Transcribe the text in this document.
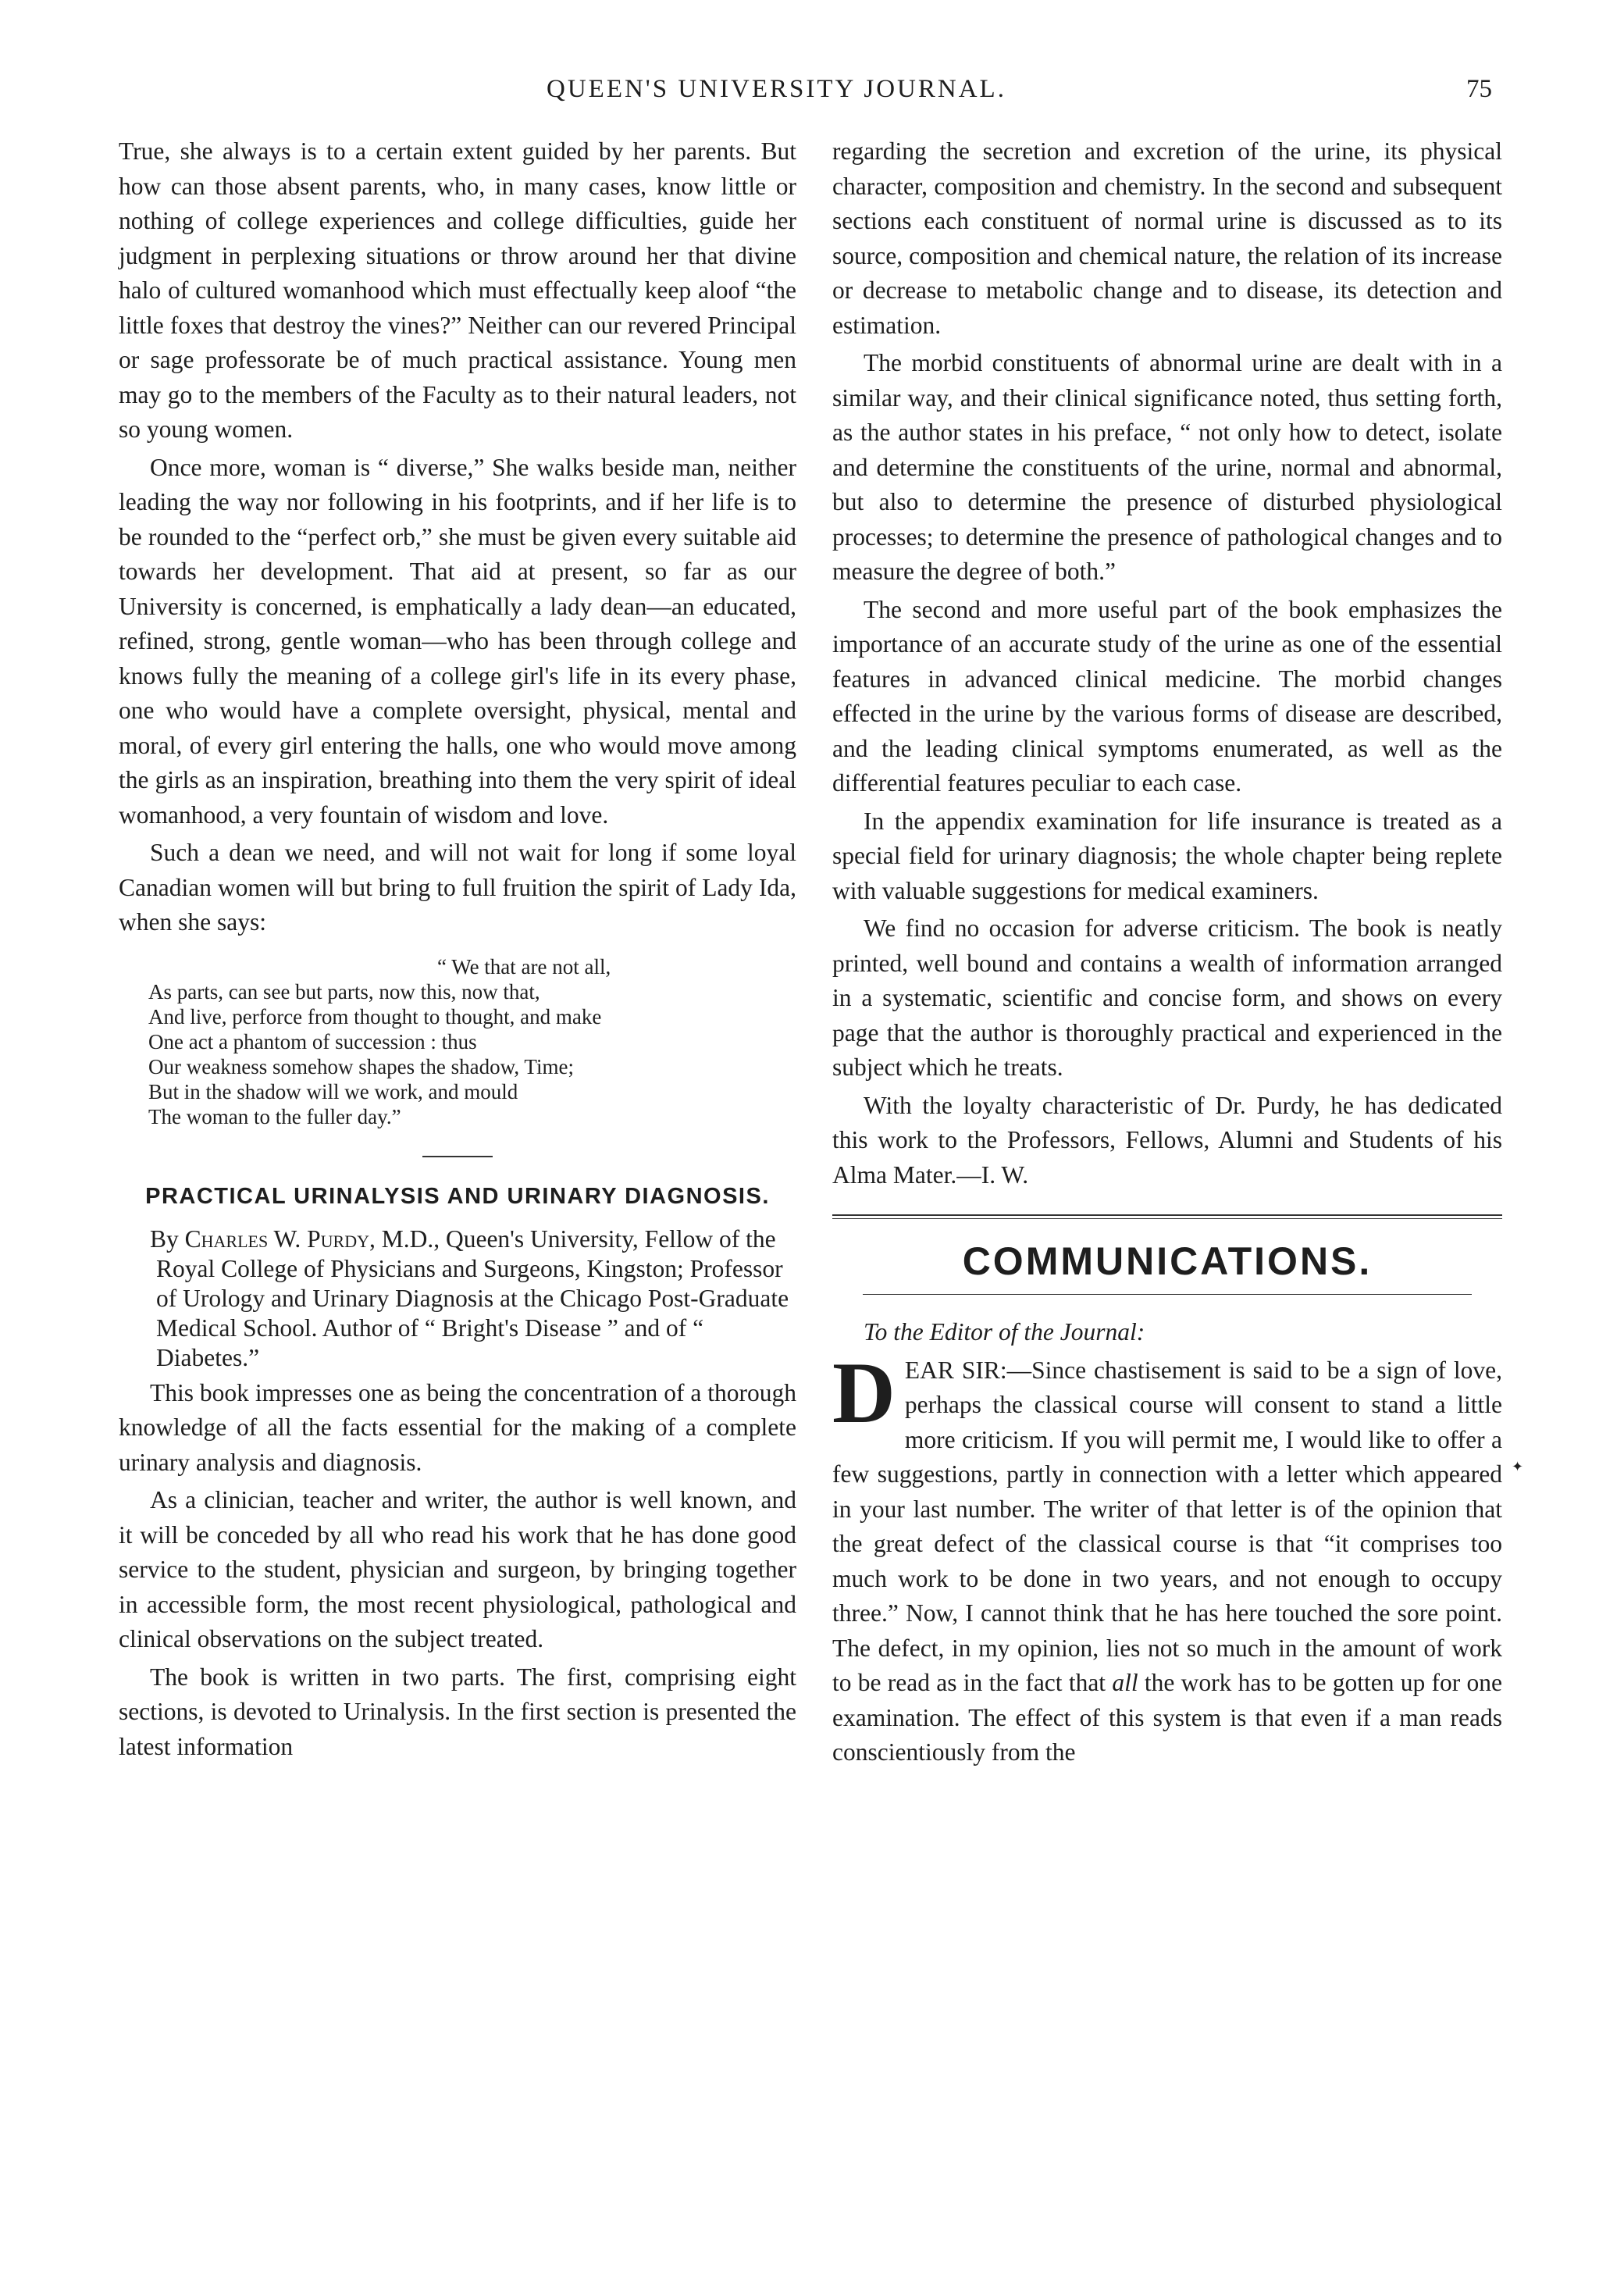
QUEEN'S UNIVERSITY JOURNAL.	75

True, she always is to a certain extent guided by her parents. But how can those absent parents, who, in many cases, know little or nothing of college experiences and college difficulties, guide her judgment in perplexing situations or throw around her that divine halo of cultured womanhood which must effectually keep aloof “the little foxes that destroy the vines?” Neither can our revered Principal or sage professorate be of much practical assistance. Young men may go to the members of the Faculty as to their natural leaders, not so young women.

Once more, woman is “ diverse,” She walks beside man, neither leading the way nor following in his footprints, and if her life is to be rounded to the “perfect orb,” she must be given every suitable aid towards her development. That aid at present, so far as our University is concerned, is emphatically a lady dean—an educated, refined, strong, gentle woman—who has been through college and knows fully the meaning of a college girl's life in its every phase, one who would have a complete oversight, physical, mental and moral, of every girl entering the halls, one who would move among the girls as an inspiration, breathing into them the very spirit of ideal womanhood, a very fountain of wisdom and love.

Such a dean we need, and will not wait for long if some loyal Canadian women will but bring to full fruition the spirit of Lady Ida, when she says:

“ We that are not all,
As parts, can see but parts, now this, now that,
And live, perforce from thought to thought, and make
One act a phantom of succession : thus
Our weakness somehow shapes the shadow, Time;
But in the shadow will we work, and mould
The woman to the fuller day.”
PRACTICAL URINALYSIS AND URINARY DIAGNOSIS.

By Charles W. Purdy, M.D., Queen's University, Fellow of the Royal College of Physicians and Surgeons, Kingston; Professor of Urology and Urinary Diagnosis at the Chicago Post-Graduate Medical School. Author of “ Bright's Disease ” and of “ Diabetes.”

This book impresses one as being the concentration of a thorough knowledge of all the facts essential for the making of a complete urinary analysis and diagnosis.

As a clinician, teacher and writer, the author is well known, and it will be conceded by all who read his work that he has done good service to the student, physician and surgeon, by bringing together in accessible form, the most recent physiological, pathological and clinical observations on the subject treated.

The book is written in two parts. The first, comprising eight sections, is devoted to Urinalysis. In the first section is presented the latest information

regarding the secretion and excretion of the urine, its physical character, composition and chemistry. In the second and subsequent sections each constituent of normal urine is discussed as to its source, composition and chemical nature, the relation of its increase or decrease to metabolic change and to disease, its detection and estimation.

The morbid constituents of abnormal urine are dealt with in a similar way, and their clinical significance noted, thus setting forth, as the author states in his preface, “ not only how to detect, isolate and determine the constituents of the urine, normal and abnormal, but also to determine the presence of disturbed physiological processes; to determine the presence of pathological changes and to measure the degree of both.”

The second and more useful part of the book emphasizes the importance of an accurate study of the urine as one of the essential features in advanced clinical medicine. The morbid changes effected in the urine by the various forms of disease are described, and the leading clinical symptoms enumerated, as well as the differential features peculiar to each case.

In the appendix examination for life insurance is treated as a special field for urinary diagnosis; the whole chapter being replete with valuable suggestions for medical examiners.

We find no occasion for adverse criticism. The book is neatly printed, well bound and contains a wealth of information arranged in a systematic, scientific and concise form, and shows on every page that the author is thoroughly practical and experienced in the subject which he treats.

With the loyalty characteristic of Dr. Purdy, he has dedicated this work to the Professors, Fellows, Alumni and Students of his Alma Mater.—I. W.

COMMUNICATIONS.

To the Editor of the Journal:

DEAR SIR:—Since chastisement is said to be a sign of love, perhaps the classical course will consent to stand a little more criticism. If you will permit me, I would like to offer a few suggestions, partly in connection with a letter which appeared in your last number. The writer of that letter is of the opinion that the great defect of the classical course is that “it comprises too much work to be done in two years, and not enough to occupy three.” Now, I cannot think that he has here touched the sore point. The defect, in my opinion, lies not so much in the amount of work to be read as in the fact that all the work has to be gotten up for one examination. The effect of this system is that even if a man reads conscientiously from the

✦
